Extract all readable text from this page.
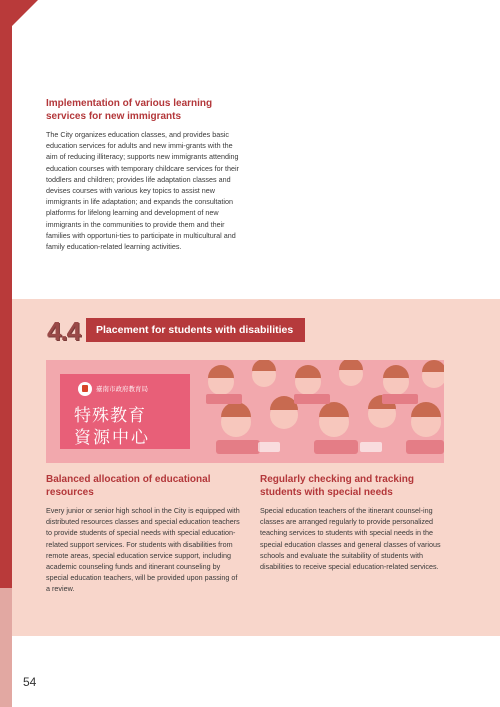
Implementation of various learning services for new immigrants

The City organizes education classes, and provides basic education services for adults and new immi-grants with the aim of reducing illiteracy; supports new immigrants attending education courses with temporary childcare services for their toddlers and children; provides life adaptation classes and devises courses with various key topics to assist new immigrants in life adaptation; and expands the consultation platforms for lifelong learning and development of new immigrants in the communities to provide them and their families with opportuni-ties to participate in multicultural and family education-related learning activities.

4.4 Placement for students with disabilities
臺南市政府教育局
特殊教育
資源中心
Balanced allocation of educational resources

Every junior or senior high school in the City is equipped with distributed resources classes and special education teachers to provide students of special needs with special education-related support services. For students with disabilities from remote areas, special education service support, including academic counseling funds and itinerant counseling by special education teachers, will be provided upon passing of a review.

Regularly checking and tracking students with special needs

Special education teachers of the itinerant counsel-ing classes are arranged regularly to provide personalized teaching services to students with special needs in the special education classes and general classes of various schools and evaluate the suitability of students with disabilities to receive special education-related services.

54
